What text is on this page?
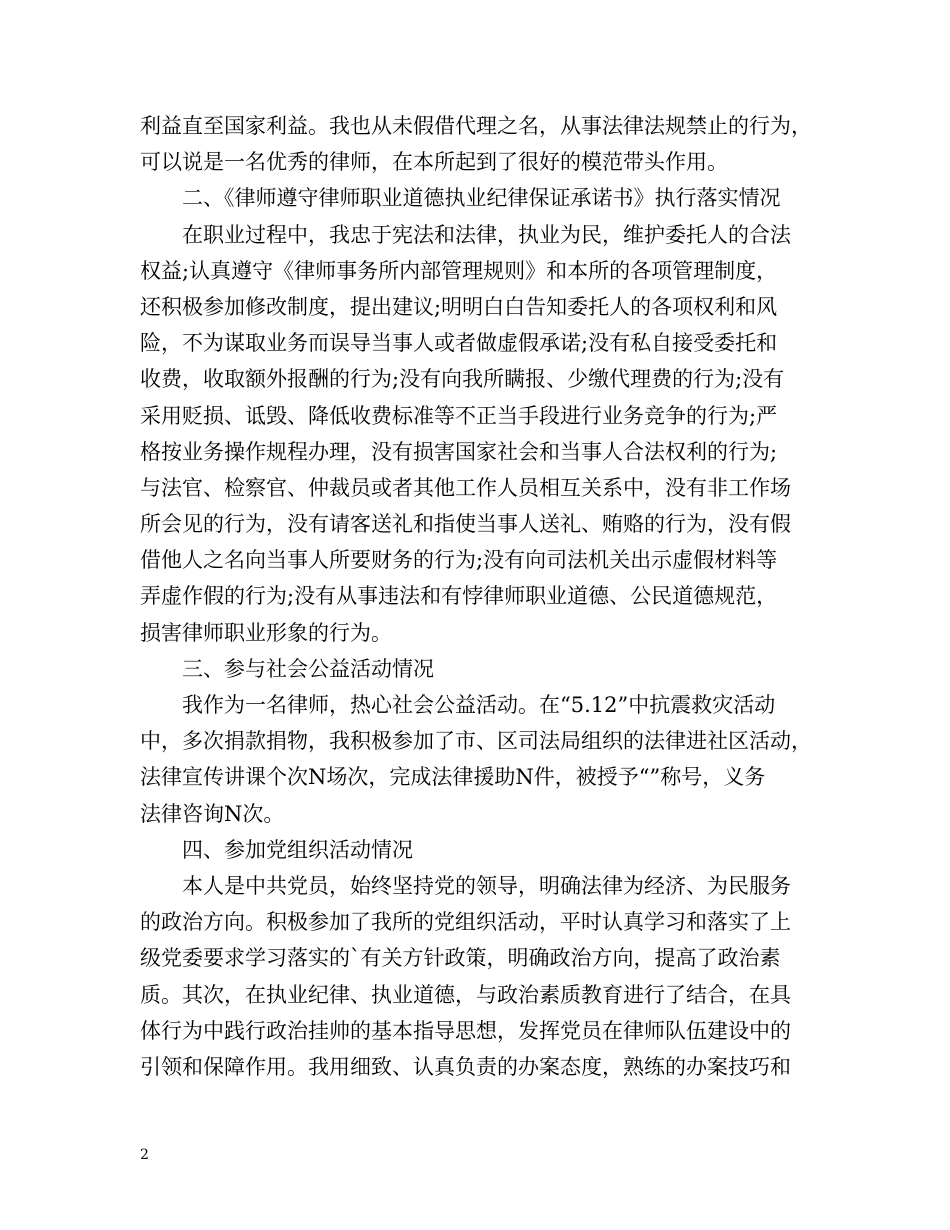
利益直至国家利益。我也从未假借代理之名，从事法律法规禁止的行为，
可以说是一名优秀的律师，在本所起到了很好的模范带头作用。
二、《律师遵守律师职业道德执业纪律保证承诺书》执行落实情况
在职业过程中，我忠于宪法和法律，执业为民，维护委托人的合法
权益;认真遵守《律师事务所内部管理规则》和本所的各项管理制度，
还积极参加修改制度，提出建议;明明白白告知委托人的各项权利和风
险，不为谋取业务而误导当事人或者做虚假承诺;没有私自接受委托和
收费，收取额外报酬的行为;没有向我所瞒报、少缴代理费的行为;没有
采用贬损、诋毁、降低收费标准等不正当手段进行业务竞争的行为;严
格按业务操作规程办理，没有损害国家社会和当事人合法权利的行为;
与法官、检察官、仲裁员或者其他工作人员相互关系中，没有非工作场
所会见的行为，没有请客送礼和指使当事人送礼、贿赂的行为，没有假
借他人之名向当事人所要财务的行为;没有向司法机关出示虚假材料等
弄虚作假的行为;没有从事违法和有悖律师职业道德、公民道德规范，
损害律师职业形象的行为。
三、参与社会公益活动情况
我作为一名律师，热心社会公益活动。在“5.12”中抗震救灾活动
中，多次捐款捐物，我积极参加了市、区司法局组织的法律进社区活动，
法律宣传讲课个次N场次，完成法律援助N件，被授予“”称号，义务
法律咨询N次。
四、参加党组织活动情况
本人是中共党员，始终坚持党的领导，明确法律为经济、为民服务
的政治方向。积极参加了我所的党组织活动，平时认真学习和落实了上
级党委要求学习落实的`有关方针政策，明确政治方向，提高了政治素
质。其次，在执业纪律、执业道德，与政治素质教育进行了结合，在具
体行为中践行政治挂帅的基本指导思想，发挥党员在律师队伍建设中的
引领和保障作用。我用细致、认真负责的办案态度，熟练的办案技巧和
2
